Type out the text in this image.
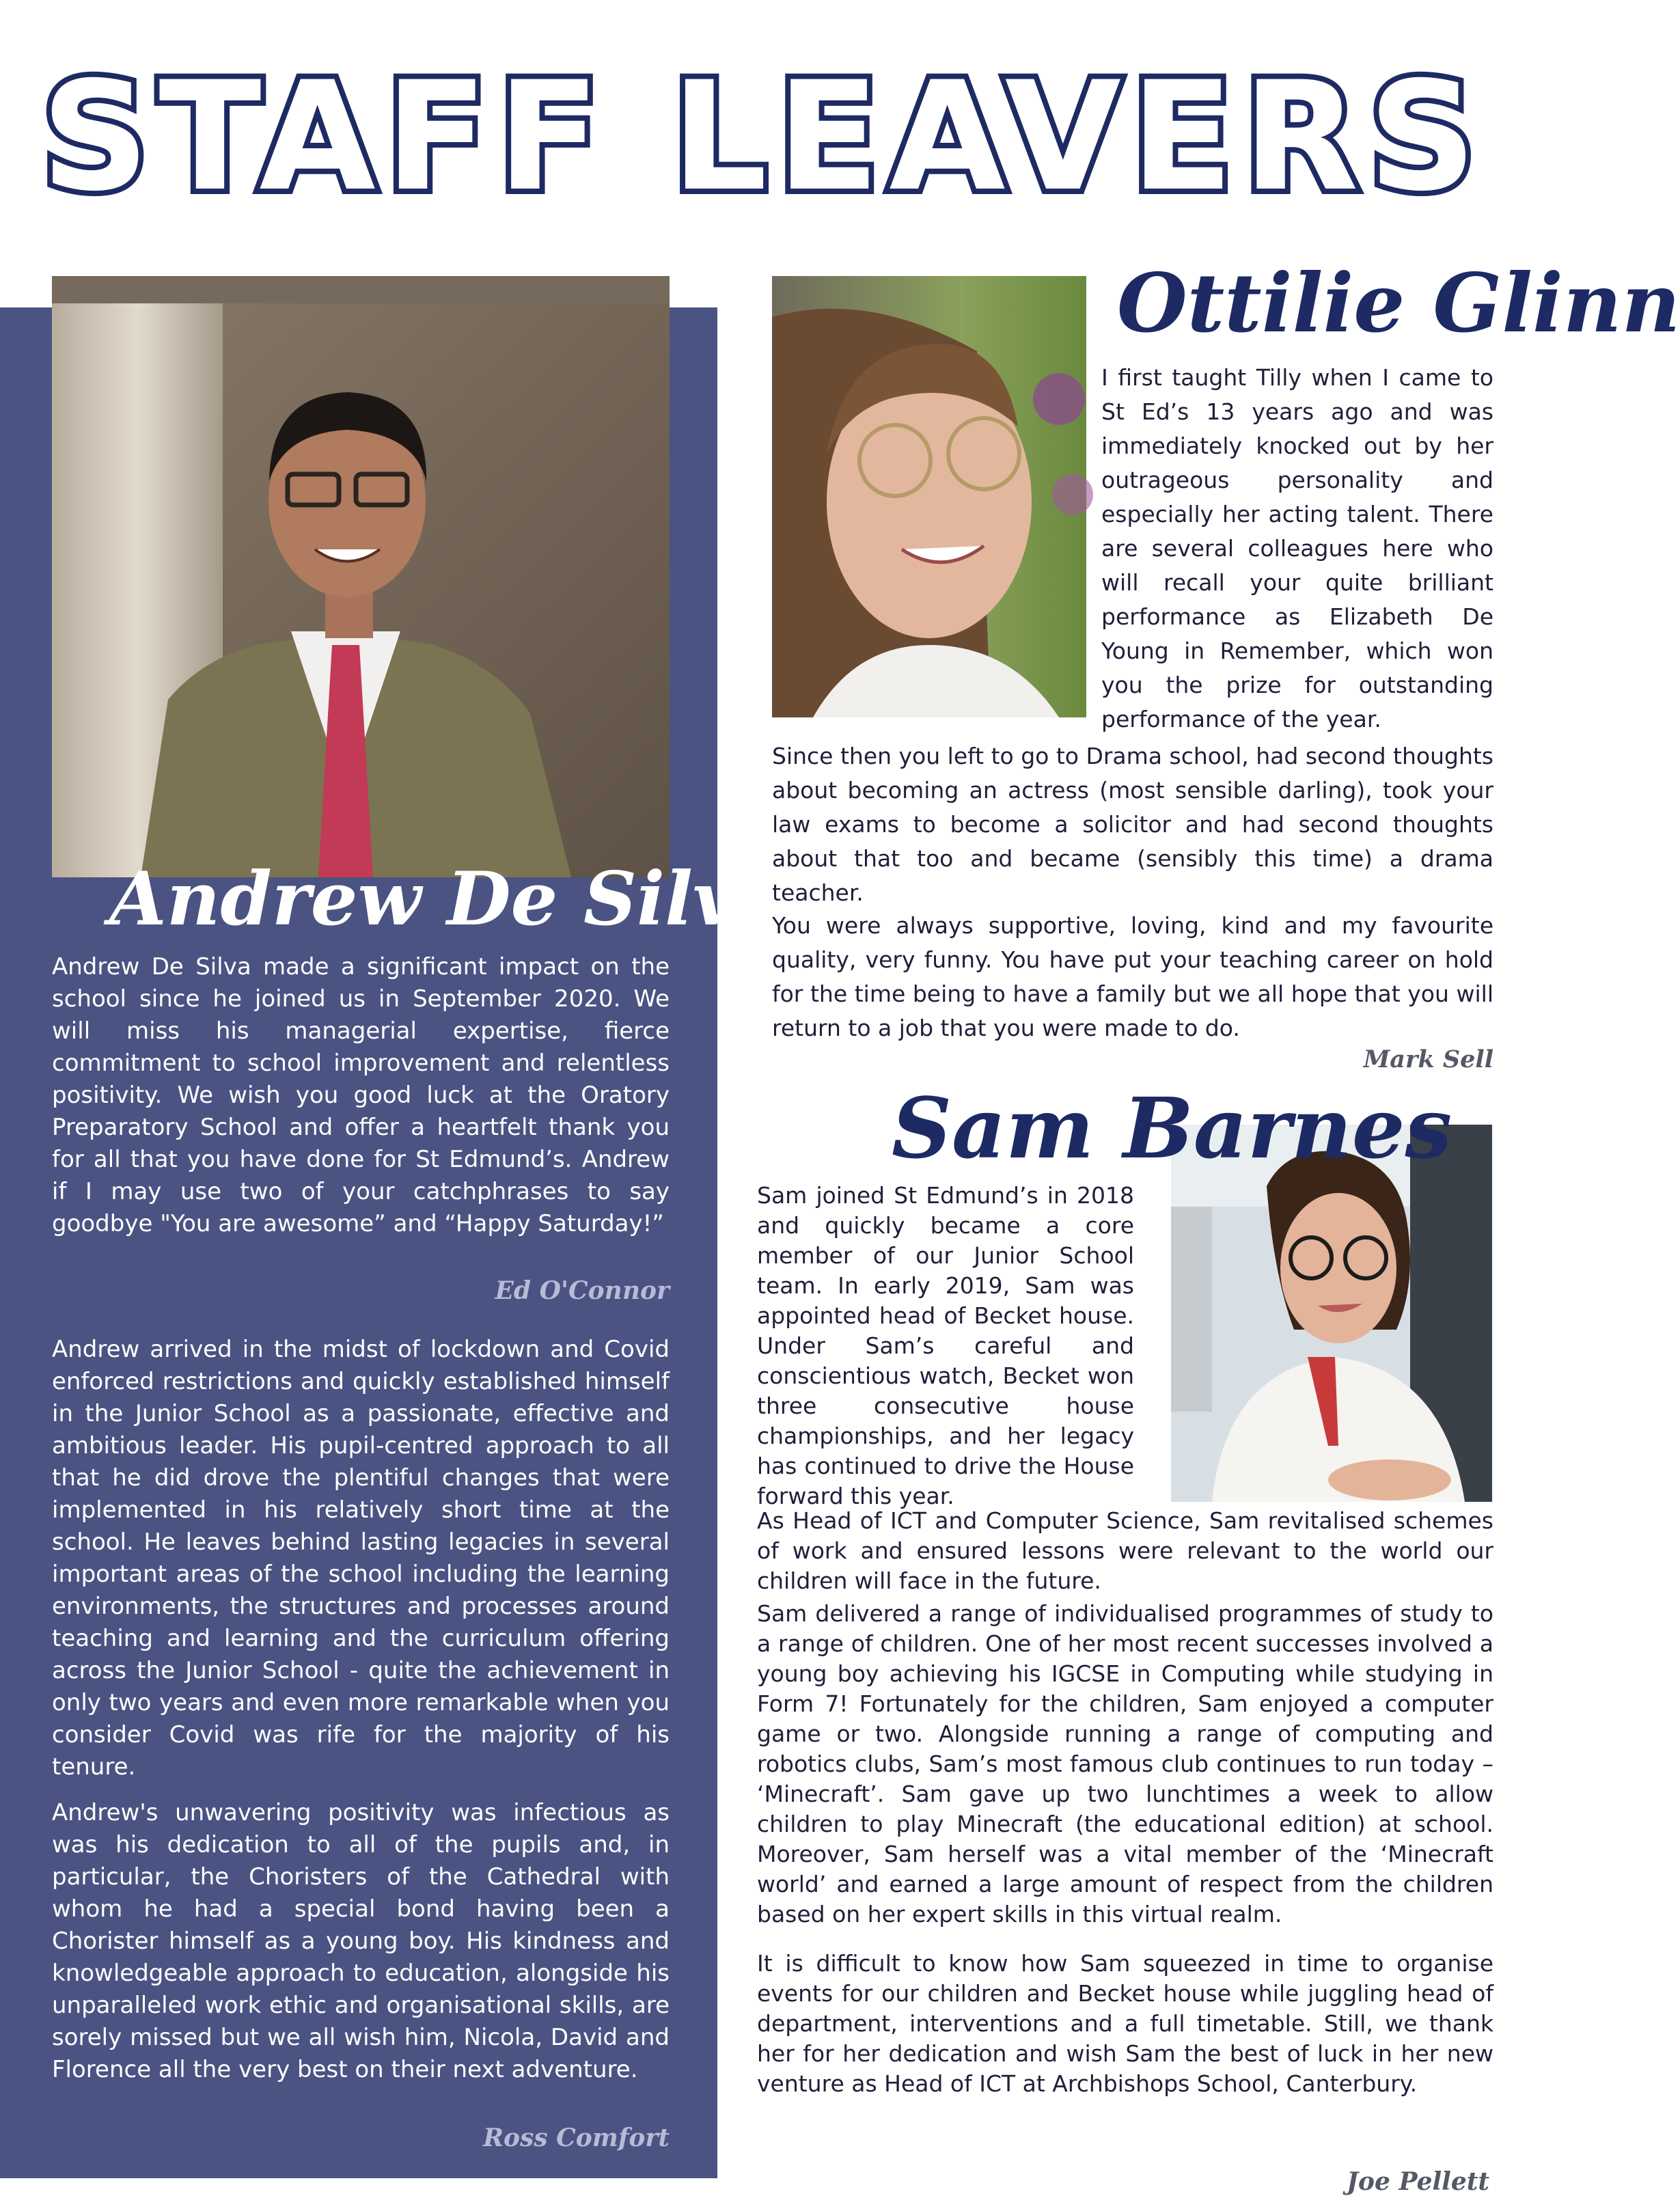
STAFF LEAVERS
Andrew De Silva

Andrew De Silva made a significant impact on the school since he joined us in September 2020. We will miss his managerial expertise, fierce commitment to school improvement and relentless positivity. We wish you good luck at the Oratory Preparatory School and offer a heartfelt thank you for all that you have done for St Edmund’s. Andrew if I may use two of your catchphrases to say goodbye "You are awesome” and “Happy Saturday!”

Ed O'Connor

Andrew arrived in the midst of lockdown and Covid enforced restrictions and quickly established himself in the Junior School as a passionate, effective and ambitious leader. His pupil-centred approach to all that he did drove the plentiful changes that were implemented in his relatively short time at the school. He leaves behind lasting legacies in several important areas of the school including the learning environments, the structures and processes around teaching and learning and the curriculum offering across the Junior School - quite the achievement in only two years and even more remarkable when you consider Covid was rife for the majority of his tenure.

Andrew's unwavering positivity was infectious as was his dedication to all of the pupils and, in particular, the Choristers of the Cathedral with whom he had a special bond having been a Chorister himself as a young boy. His kindness and knowledgeable approach to education, alongside his unparalleled work ethic and organisational skills, are sorely missed but we all wish him, Nicola, David and Florence all the very best on their next adventure.

Ross Comfort

Ottilie Glinn

I first taught Tilly when I came to St Ed’s 13 years ago and was immediately knocked out by her outrageous personality and especially her acting talent. There are several colleagues here who will recall your quite brilliant performance as Elizabeth De Young in Remember, which won you the prize for outstanding performance of the year.

Since then you left to go to Drama school, had second thoughts about becoming an actress (most sensible darling), took your law exams to become a solicitor and had second thoughts about that too and became (sensibly this time) a drama teacher.

You were always supportive, loving, kind and my favourite quality, very funny. You have put your teaching career on hold for the time being to have a family but we all hope that you will return to a job that you were made to do.

Mark Sell

Sam Barnes

Sam joined St Edmund’s in 2018 and quickly became a core member of our Junior School team. In early 2019, Sam was appointed head of Becket house. Under Sam’s careful and conscientious watch, Becket won three consecutive house championships, and her legacy has continued to drive the House forward this year.

As Head of ICT and Computer Science, Sam revitalised schemes of work and ensured lessons were relevant to the world our children will face in the future.

Sam delivered a range of individualised programmes of study to a range of children. One of her most recent successes involved a young boy achieving his IGCSE in Computing while studying in Form 7! Fortunately for the children, Sam enjoyed a computer game or two. Alongside running a range of computing and robotics clubs, Sam’s most famous club continues to run today – ‘Minecraft’. Sam gave up two lunchtimes a week to allow children to play Minecraft (the educational edition) at school. Moreover, Sam herself was a vital member of the ‘Minecraft world’ and earned a large amount of respect from the children based on her expert skills in this virtual realm.

It is difficult to know how Sam squeezed in time to organise events for our children and Becket house while juggling head of department, interventions and a full timetable. Still, we thank her for her dedication and wish Sam the best of luck in her new venture as Head of ICT at Archbishops School, Canterbury.

Joe Pellett
